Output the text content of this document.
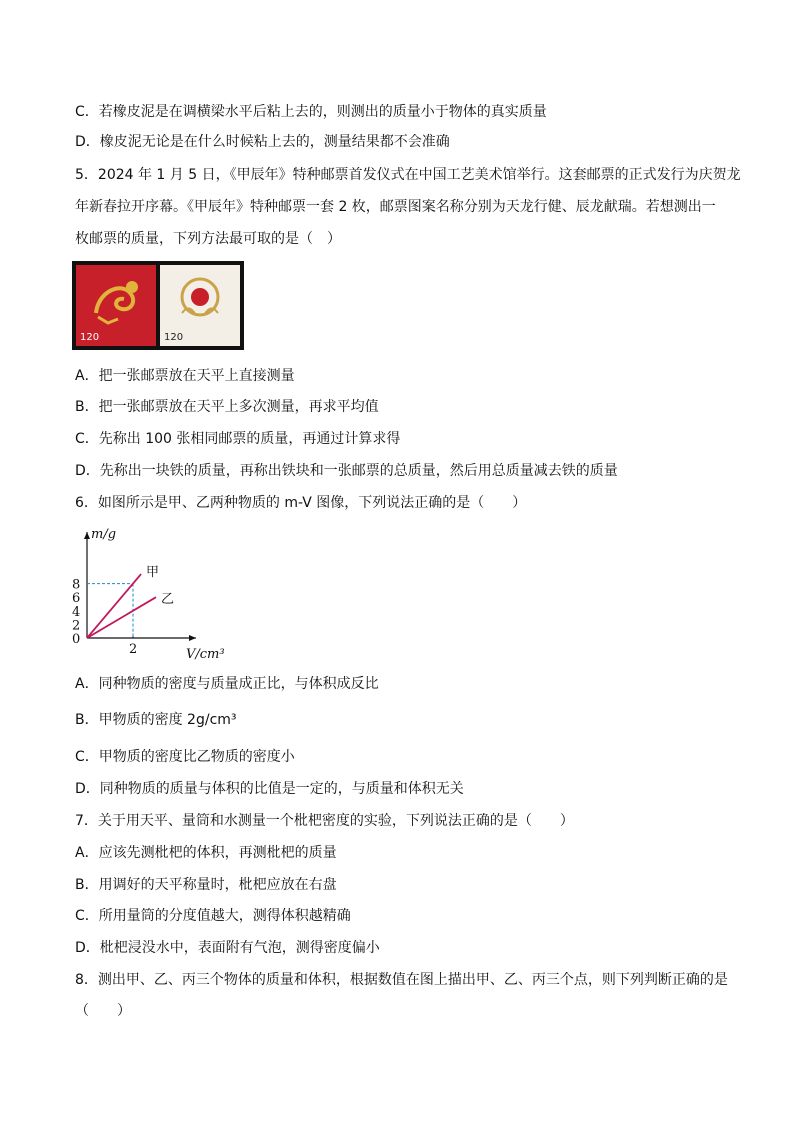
C．若橡皮泥是在调横梁水平后粘上去的，则测出的质量小于物体的真实质量
D．橡皮泥无论是在什么时候粘上去的，测量结果都不会准确
5．2024 年 1 月 5 日，《甲辰年》特种邮票首发仪式在中国工艺美术馆举行。这套邮票的正式发行为庆贺龙
年新春拉开序幕。《甲辰年》特种邮票一套 2 枚，邮票图案名称分别为天龙行健、辰龙献瑞。若想测出一
枚邮票的质量，下列方法最可取的是（　）
120	120
A．把一张邮票放在天平上直接测量
B．把一张邮票放在天平上多次测量，再求平均值
C．先称出 100 张相同邮票的质量，再通过计算求得
D．先称出一块铁的质量，再称出铁块和一张邮票的总质量，然后用总质量减去铁的质量
6．如图所示是甲、乙两种物质的 m-V 图像，下列说法正确的是（　　）
m/g
V/cm³
0
2
4
6
8
2
甲
乙
A．同种物质的密度与质量成正比，与体积成反比
B．甲物质的密度 2g/cm³
C．甲物质的密度比乙物质的密度小
D．同种物质的质量与体积的比值是一定的，与质量和体积无关
7．关于用天平、量筒和水测量一个枇杷密度的实验，下列说法正确的是（　　）
A．应该先测枇杷的体积，再测枇杷的质量
B．用调好的天平称量时，枇杷应放在右盘
C．所用量筒的分度值越大，测得体积越精确
D．枇杷浸没水中，表面附有气泡，测得密度偏小
8．测出甲、乙、丙三个物体的质量和体积，根据数值在图上描出甲、乙、丙三个点，则下列判断正确的是
（　　）
